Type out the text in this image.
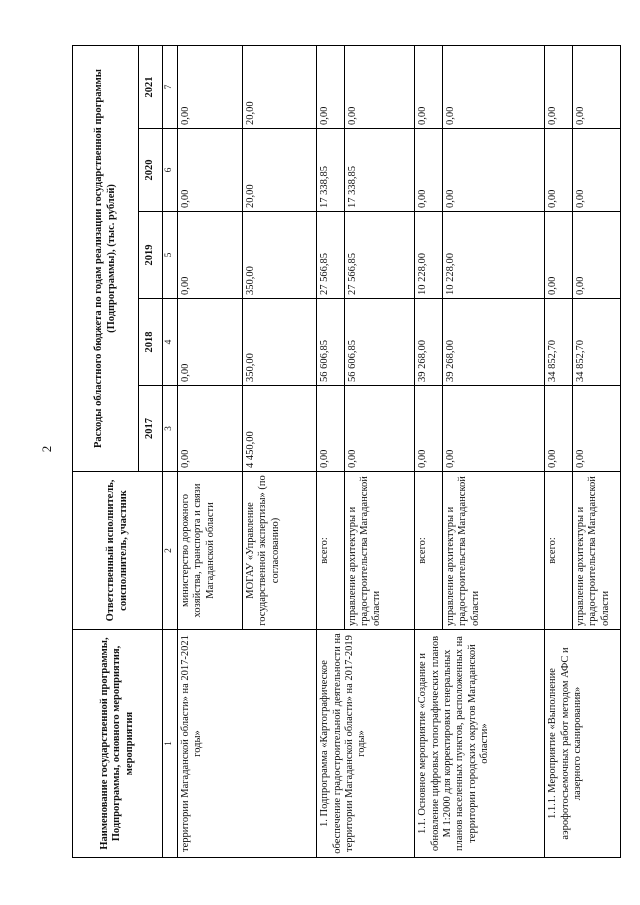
2
Наименование государственной программы, Подпрограммы, основного мероприятия, мероприятия	Ответственный исполнитель, соисполнитель, участник	Расходы областного бюджета по годам реализации государственной программы (Подпрограммы), (тыс. рублей)				
		2017	2018	2019	2020	2021
1	2	3	4	5	6	7
территории Магаданской области» на 2017-2021 годы»	министерство дорожного хозяйства, транспорта и связи Магаданской области	0,00	0,00	0,00	0,00	0,00
	МОГАУ «Управление государственной экспертизы» (по согласованию)	4 450,00	350,00	350,00	20,00	20,00
1. Подпрограмма «Картографическое обеспечение градостроительной деятельности на территории Магаданской области» на 2017-2019 годы»	всего:	0,00	56 606,85	27 566,85	17 338,85	0,00
	управление архитектуры и градостроительства Магаданской области	0,00	56 606,85	27 566,85	17 338,85	0,00
1.1. Основное мероприятие «Создание и обновление цифровых топографических планов М 1:2000 для корректировки генеральных планов населенных пунктов, расположенных на территории городских округов Магаданской области»	всего:	0,00	39 268,00	10 228,00	0,00	0,00
	управление архитектуры и градостроительства Магаданской области	0,00	39 268,00	10 228,00	0,00	0,00
1.1.1. Мероприятие «Выполнение аэрофотосъемочных работ методом АФС и лазерного сканирования»	всего:	0,00	34 852,70	0,00	0,00	0,00
	управление архитектуры и градостроительства Магаданской области	0,00	34 852,70	0,00	0,00	0,00
